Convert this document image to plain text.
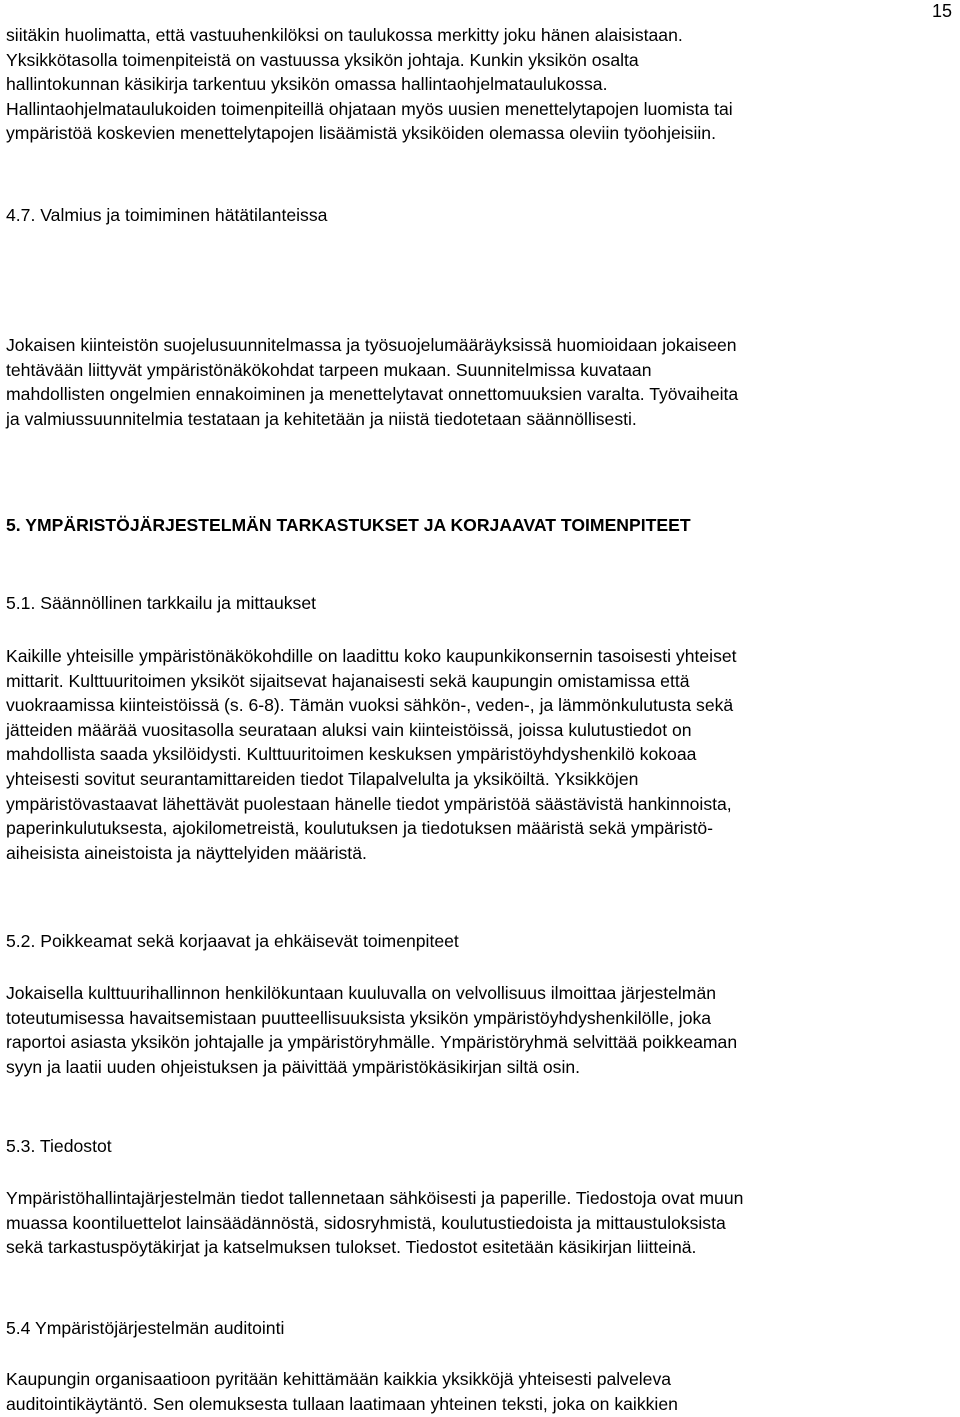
15

siitäkin huolimatta, että vastuuhenkilöksi on taulukossa merkitty joku hänen alaisistaan.

Yksikkötasolla toimenpiteistä on vastuussa yksikön johtaja. Kunkin yksikön osalta

hallintokunnan käsikirja tarkentuu yksikön omassa hallintaohjelmataulukossa.

Hallintaohjelmataulukoiden toimenpiteillä ohjataan myös uusien menettelytapojen luomista tai

ympäristöä koskevien menettelytapojen lisäämistä yksiköiden olemassa oleviin työohjeisiin.

4.7. Valmius ja toimiminen hätätilanteissa

Jokaisen kiinteistön suojelusuunnitelmassa ja työsuojelumääräyksissä huomioidaan jokaiseen

tehtävään liittyvät ympäristönäkökohdat tarpeen mukaan. Suunnitelmissa kuvataan

mahdollisten ongelmien ennakoiminen ja menettelytavat onnettomuuksien varalta. Työvaiheita

ja valmiussuunnitelmia testataan ja kehitetään ja niistä tiedotetaan säännöllisesti.

5. YMPÄRISTÖJÄRJESTELMÄN TARKASTUKSET JA KORJAAVAT TOIMENPITEET
5.1. Säännöllinen tarkkailu ja mittaukset

Kaikille yhteisille ympäristönäkökohdille on laadittu koko kaupunkikonsernin tasoisesti yhteiset

mittarit. Kulttuuritoimen yksiköt sijaitsevat hajanaisesti sekä kaupungin omistamissa että

vuokraamissa kiinteistöissä (s. 6-8). Tämän vuoksi sähkön-, veden-, ja lämmönkulutusta sekä

jätteiden määrää vuositasolla seurataan aluksi vain kiinteistöissä, joissa kulutustiedot on

mahdollista saada yksilöidysti. Kulttuuritoimen keskuksen ympäristöyhdyshenkilö kokoaa

yhteisesti sovitut seurantamittareiden tiedot Tilapalvelulta ja yksiköiltä. Yksikköjen

ympäristövastaavat lähettävät puolestaan hänelle tiedot ympäristöä säästävistä hankinnoista,

paperinkulutuksesta, ajokilometreistä, koulutuksen ja tiedotuksen määristä sekä ympäristö-

aiheisista aineistoista ja näyttelyiden määristä.

5.2. Poikkeamat sekä korjaavat ja ehkäisevät toimenpiteet

Jokaisella kulttuurihallinnon henkilökuntaan kuuluvalla on velvollisuus ilmoittaa järjestelmän

toteutumisessa havaitsemistaan puutteellisuuksista yksikön ympäristöyhdyshenkilölle, joka

raportoi asiasta yksikön johtajalle ja ympäristöryhmälle. Ympäristöryhmä selvittää poikkeaman

syyn ja laatii uuden ohjeistuksen ja päivittää ympäristökäsikirjan siltä osin.

5.3. Tiedostot

Ympäristöhallintajärjestelmän tiedot tallennetaan sähköisesti ja paperille. Tiedostoja ovat muun

muassa koontiluettelot lainsäädännöstä, sidosryhmistä, koulutustiedoista ja mittaustuloksista

sekä tarkastuspöytäkirjat ja katselmuksen tulokset. Tiedostot esitetään käsikirjan liitteinä.

5.4 Ympäristöjärjestelmän auditointi

Kaupungin organisaatioon pyritään kehittämään kaikkia yksikköjä yhteisesti palveleva

auditointikäytäntö. Sen olemuksesta tullaan laatimaan yhteinen teksti, joka on kaikkien
